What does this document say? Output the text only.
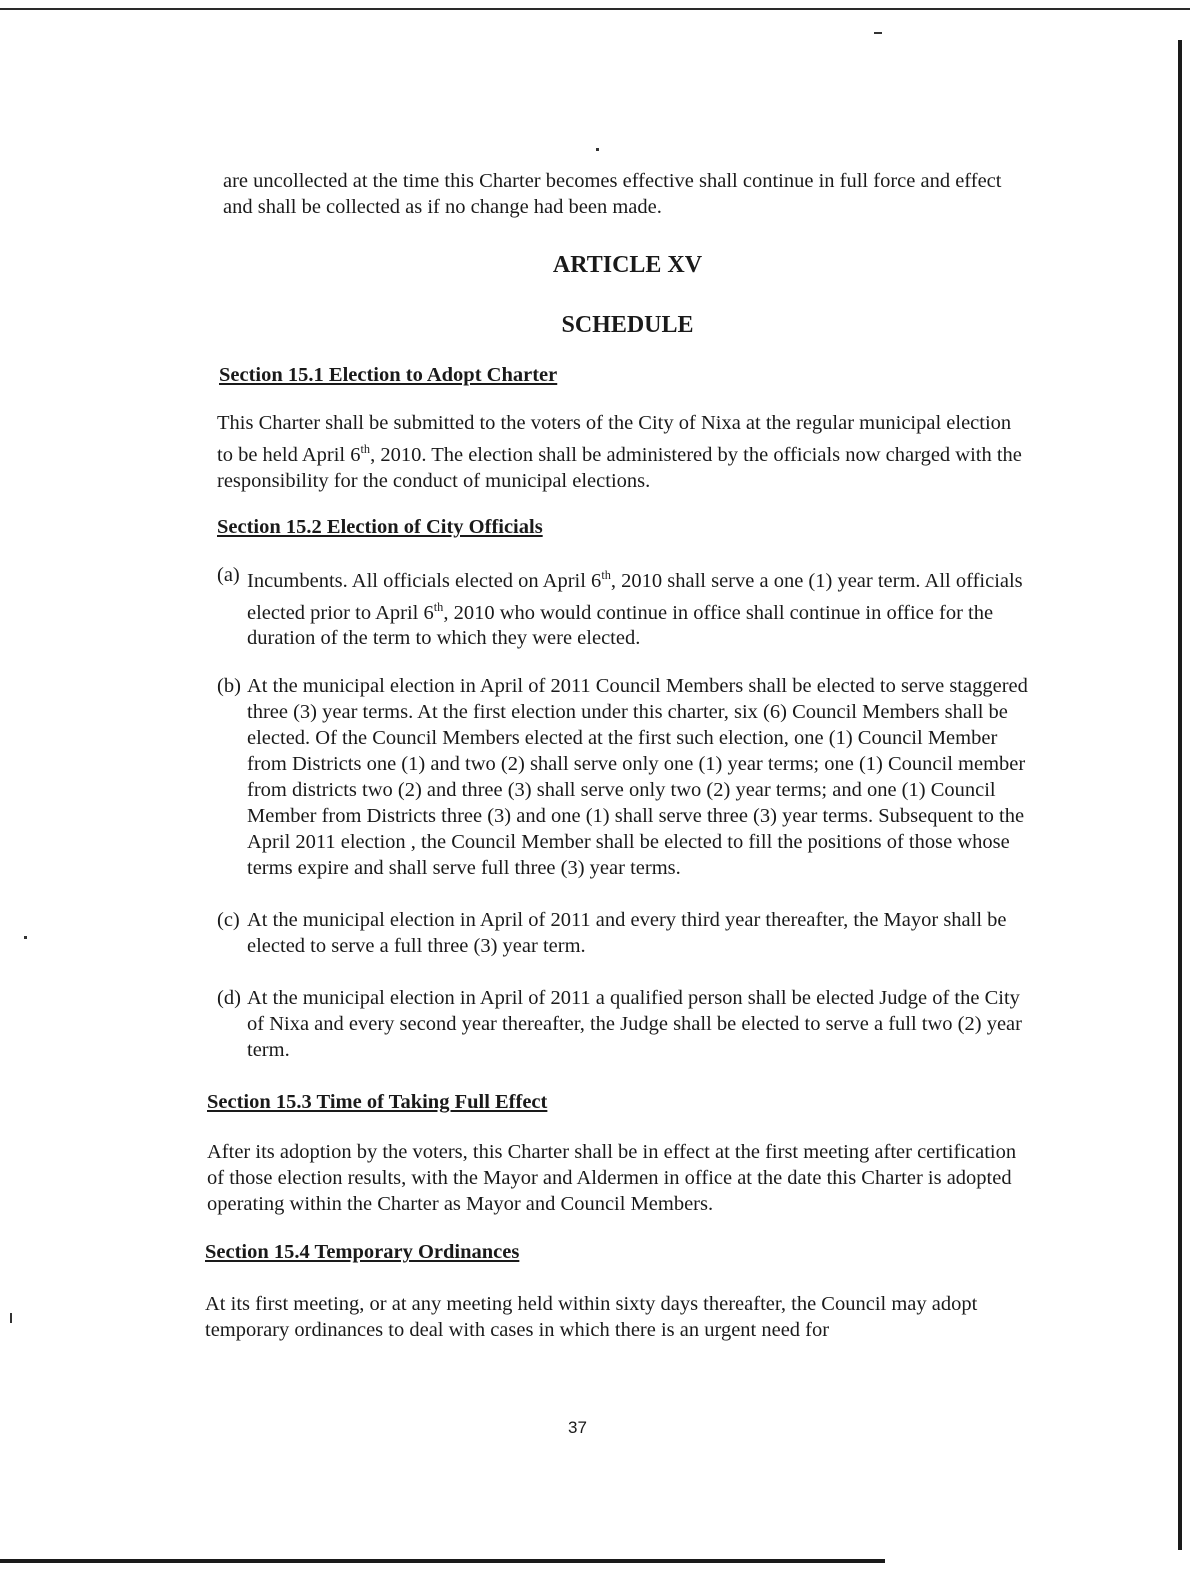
are uncollected at the time this Charter becomes effective shall continue in full force and effect and shall be collected as if no change had been made.

ARTICLE XV
SCHEDULE
Section 15.1 Election to Adopt Charter

This Charter shall be submitted to the voters of the City of Nixa at the regular municipal election to be held April 6th, 2010. The election shall be administered by the officials now charged with the responsibility for the conduct of municipal elections.

Section 15.2 Election of City Officials
(a) Incumbents. All officials elected on April 6th, 2010 shall serve a one (1) year term. All officials elected prior to April 6th, 2010 who would continue in office shall continue in office for the duration of the term to which they were elected.
(b) At the municipal election in April of 2011 Council Members shall be elected to serve staggered three (3) year terms. At the first election under this charter, six (6) Council Members shall be elected. Of the Council Members elected at the first such election, one (1) Council Member from Districts one (1) and two (2) shall serve only one (1) year terms; one (1) Council member from districts two (2) and three (3) shall serve only two (2) year terms; and one (1) Council Member from Districts three (3) and one (1) shall serve three (3) year terms. Subsequent to the April 2011 election , the Council Member shall be elected to fill the positions of those whose terms expire and shall serve full three (3) year terms.
(c) At the municipal election in April of 2011 and every third year thereafter, the Mayor shall be elected to serve a full three (3) year term.
(d) At the municipal election in April of 2011 a qualified person shall be elected Judge of the City of Nixa and every second year thereafter, the Judge shall be elected to serve a full two (2) year term.
Section 15.3 Time of Taking Full Effect

After its adoption by the voters, this Charter shall be in effect at the first meeting after certification of those election results, with the Mayor and Aldermen in office at the date this Charter is adopted operating within the Charter as Mayor and Council Members.

Section 15.4 Temporary Ordinances

At its first meeting, or at any meeting held within sixty days thereafter, the Council may adopt temporary ordinances to deal with cases in which there is an urgent need for

37
